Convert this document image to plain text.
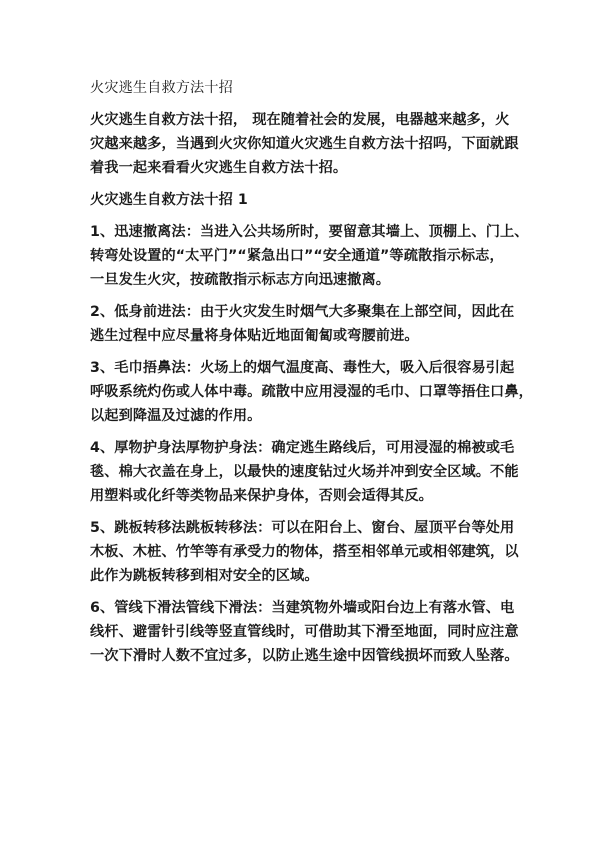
火灾逃生自救方法十招
火灾逃生自救方法十招， 现在随着社会的发展，电器越来越多，火
灾越来越多，当遇到火灾你知道火灾逃生自救方法十招吗，下面就跟
着我一起来看看火灾逃生自救方法十招。
火灾逃生自救方法十招 1
1、迅速撤离法：当进入公共场所时，要留意其墙上、顶棚上、门上、
转弯处设置的“太平门”“紧急出口”“安全通道”等疏散指示标志，
一旦发生火灾，按疏散指示标志方向迅速撤离。
2、低身前进法：由于火灾发生时烟气大多聚集在上部空间，因此在
逃生过程中应尽量将身体贴近地面匍匐或弯腰前进。
3、毛巾捂鼻法：火场上的烟气温度高、毒性大，吸入后很容易引起
呼吸系统灼伤或人体中毒。疏散中应用浸湿的毛巾、口罩等捂住口鼻，
以起到降温及过滤的作用。
4、厚物护身法厚物护身法：确定逃生路线后，可用浸湿的棉被或毛
毯、棉大衣盖在身上，以最快的速度钻过火场并冲到安全区域。不能
用塑料或化纤等类物品来保护身体，否则会适得其反。
5、跳板转移法跳板转移法：可以在阳台上、窗台、屋顶平台等处用
木板、木桩、竹竿等有承受力的物体，搭至相邻单元或相邻建筑，以
此作为跳板转移到相对安全的区域。
6、管线下滑法管线下滑法：当建筑物外墙或阳台边上有落水管、电
线杆、避雷针引线等竖直管线时，可借助其下滑至地面，同时应注意
一次下滑时人数不宜过多，以防止逃生途中因管线损坏而致人坠落。
